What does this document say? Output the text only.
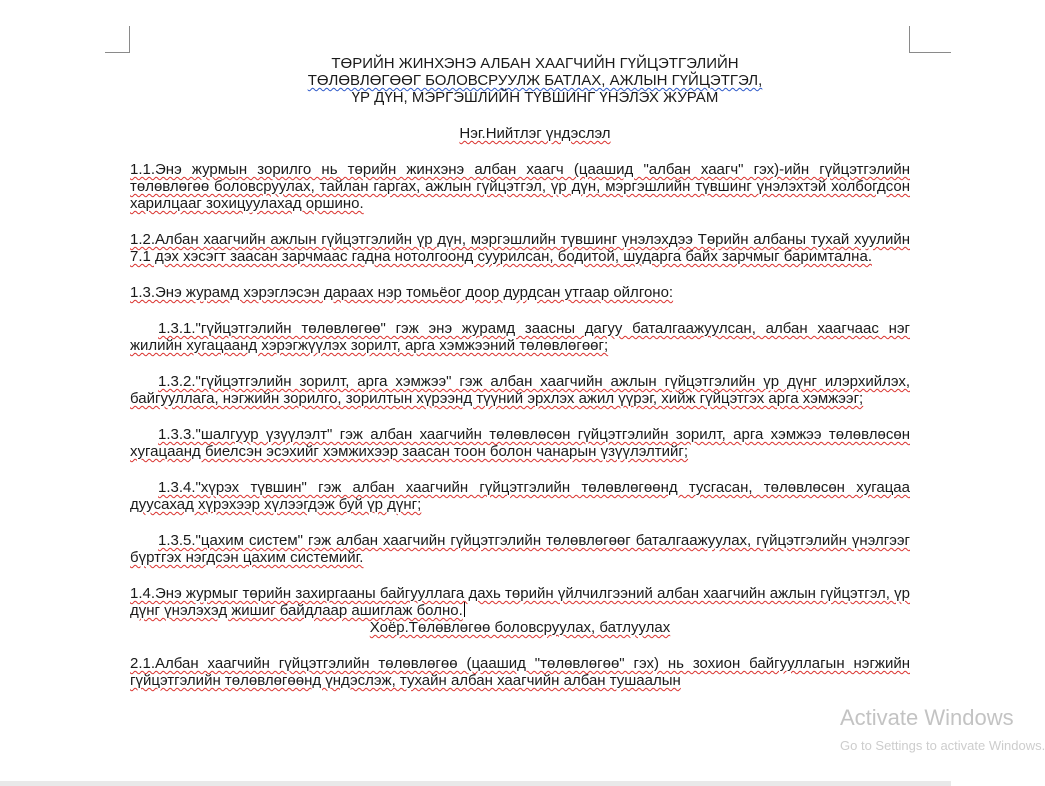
ТӨРИЙН ЖИНХЭНЭ АЛБАН ХААГЧИЙН ГҮЙЦЭТГЭЛИЙН
ТӨЛӨВЛӨГӨӨГ БОЛОВСРУУЛЖ БАТЛАХ, АЖЛЫН ГҮЙЦЭТГЭЛ,
ҮР ДҮН, МЭРГЭШЛИЙН ТҮВШИНГ ҮНЭЛЭХ ЖУРАМ

Нэг.Нийтлэг үндэслэл

1.1.Энэ журмын зорилго нь төрийн жинхэнэ албан хаагч (цаашид "албан хаагч" гэх)-ийн гүйцэтгэлийн төлөвлөгөө боловсруулах, тайлан гаргах, ажлын гүйцэтгэл, үр дүн, мэргэшлийн түвшинг үнэлэхтэй холбогдсон харилцааг зохицуулахад оршино.

1.2.Албан хаагчийн ажлын гүйцэтгэлийн үр дүн, мэргэшлийн түвшинг үнэлэхдээ Төрийн албаны тухай хуулийн 7.1 дэх хэсэгт заасан зарчмаас гадна нотолгоонд суурилсан, бодитой, шударга байх зарчмыг баримтална.

1.3.Энэ журамд хэрэглэсэн дараах нэр томьёог доор дурдсан утгаар ойлгоно:

1.3.1."гүйцэтгэлийн төлөвлөгөө" гэж энэ журамд заасны дагуу баталгаажуулсан, албан хаагчаас нэг жилийн хугацаанд хэрэгжүүлэх зорилт, арга хэмжээний төлөвлөгөөг;

1.3.2."гүйцэтгэлийн зорилт, арга хэмжээ" гэж албан хаагчийн ажлын гүйцэтгэлийн үр дүнг илэрхийлэх, байгууллага, нэгжийн зорилго, зорилтын хүрээнд түүний эрхлэх ажил үүрэг, хийж гүйцэтгэх арга хэмжээг;

1.3.3."шалгуур үзүүлэлт" гэж албан хаагчийн төлөвлөсөн гүйцэтгэлийн зорилт, арга хэмжээ төлөвлөсөн хугацаанд биелсэн эсэхийг хэмжихээр заасан тоон болон чанарын үзүүлэлтийг;

1.3.4."хүрэх түвшин" гэж албан хаагчийн гүйцэтгэлийн төлөвлөгөөнд тусгасан, төлөвлөсөн хугацаа дуусахад хүрэхээр хүлээгдэж буй үр дүнг;

1.3.5."цахим систем" гэж албан хаагчийн гүйцэтгэлийн төлөвлөгөөг баталгаажуулах, гүйцэтгэлийн үнэлгээг бүртгэх нэгдсэн цахим системийг.

1.4.Энэ журмыг төрийн захиргааны байгууллага дахь төрийн үйлчилгээний албан хаагчийн ажлын гүйцэтгэл, үр дүнг үнэлэхэд жишиг байдлаар ашиглаж болно.

Хоёр.Төлөвлөгөө боловсруулах, батлуулах

2.1.Албан хаагчийн гүйцэтгэлийн төлөвлөгөө (цаашид "төлөвлөгөө" гэх) нь зохион байгууллагын нэгжийн гүйцэтгэлийн төлөвлөгөөнд үндэслэж, тухайн албан хаагчийн албан тушаалын

Activate Windows
Go to Settings to activate Windows.
